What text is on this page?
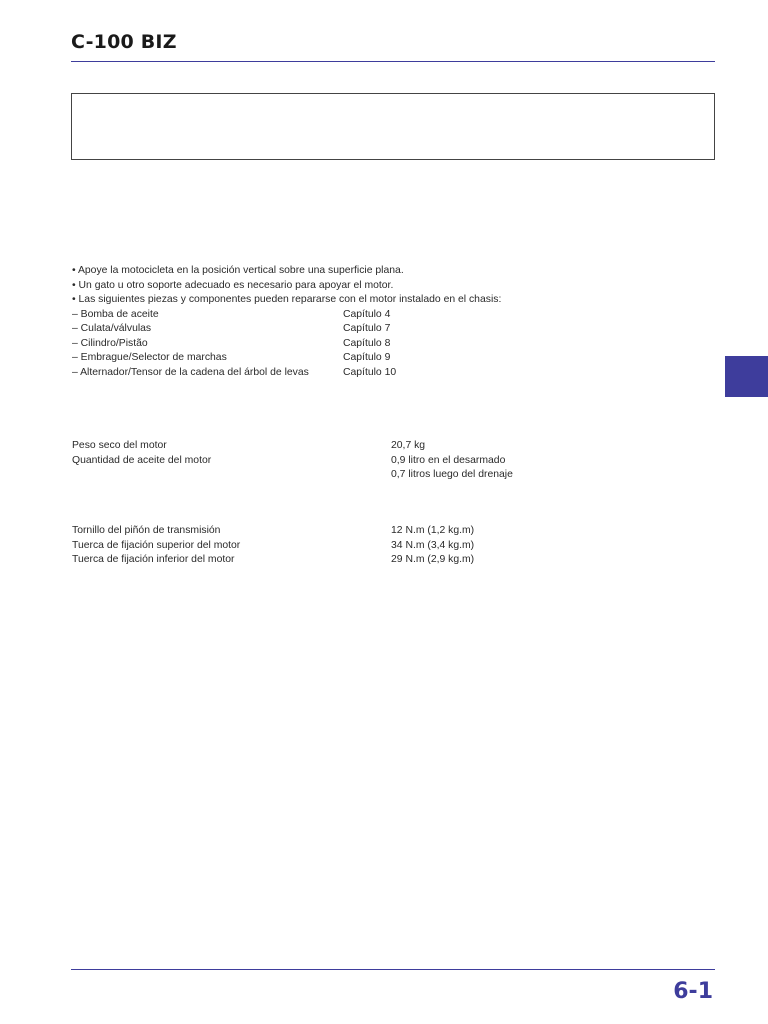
C-100 BIZ
• Apoye la motocicleta en la posición vertical sobre una superficie plana.
• Un gato u otro soporte adecuado es necesario para apoyar el motor.
• Las siguientes piezas y componentes pueden repararse con el motor instalado en el chasis:
– Bomba de aceite	Capítulo 4
– Culata/válvulas	Capítulo 7
– Cilindro/Pistão	Capítulo 8
– Embrague/Selector de marchas	Capítulo 9
– Alternador/Tensor de la cadena del árbol de levas	Capítulo 10
Peso seco del motor	20,7 kg
Quantidad de aceite del motor	0,9 litro en el desarmado
0,7 litros luego del drenaje
Tornillo del piñón de transmisión	12 N.m (1,2 kg.m)
Tuerca de fijación superior del motor	34 N.m (3,4 kg.m)
Tuerca de fijación inferior del motor	29 N.m (2,9 kg.m)
6-1
